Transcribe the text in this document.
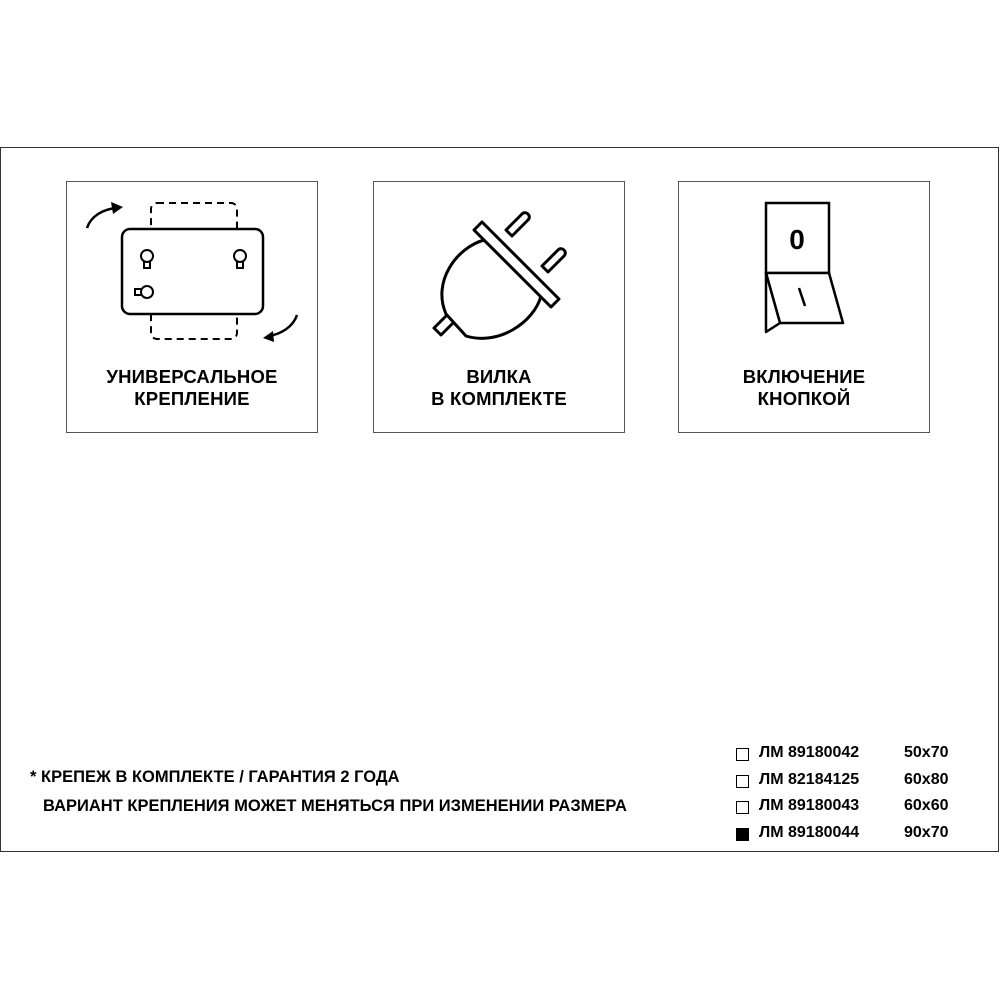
УНИВЕРСАЛЬНОЕ
КРЕПЛЕНИЕ
ВИЛКА
В КОМПЛЕКТЕ
0
ВКЛЮЧЕНИЕ
КНОПКОЙ
* КРЕПЕЖ В КОМПЛЕКТЕ / ГАРАНТИЯ 2 ГОДА
ВАРИАНТ КРЕПЛЕНИЯ МОЖЕТ МЕНЯТЬСЯ ПРИ ИЗМЕНЕНИИ РАЗМЕРА
ЛМ 89180042	50x70
ЛМ 82184125	60x80
ЛМ 89180043	60x60
ЛМ 89180044	90x70
